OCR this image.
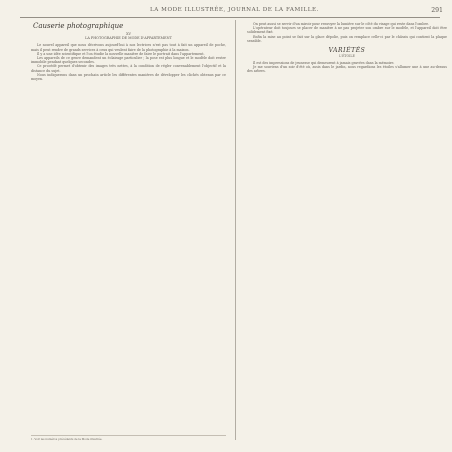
LA MODE ILLUSTRÉE, JOURNAL DE LA FAMILLE.	291
Causerie photographique
XV
LA PHOTOGRAPHIE DE MODE D'APPARTEMENT

Le nouvel appareil que nous décrivons aujourd'hui à nos lectrices n'est pas tout à fait un appareil de poche, mais il peut rendre de grands services à ceux qui veulent faire de la photographie à la maison.

Il y a une idée scientifique et l'on étudie la nouvelle manière de faire le portrait dans l'appartement.

Les appareils de ce genre demandent un éclairage particulier ; la pose est plus longue et le modèle doit rester immobile pendant quelques secondes.

Ce procédé permet d'obtenir des images très nettes, à la condition de régler convenablement l'objectif et la distance du sujet.

Nous indiquerons dans un prochain article les différentes manières de développer les clichés obtenus par ce moyen.

1. Voir les numéros précédents de la Mode illustrée.

On peut aussi se servir d'un miroir pour renvoyer la lumière sur le côté du visage qui reste dans l'ombre.

L'opérateur doit toujours se placer de manière à ne pas projeter son ombre sur le modèle, et l'appareil doit être solidement fixé.

Enfin la mise au point se fait sur la glace dépolie, puis on remplace celle-ci par le châssis qui contient la plaque sensible.

VARIÉTÉS
L'ÉTOILE

Il est des impressions de jeunesse qui demeurent à jamais gravées dans la mémoire.

Je me souviens d'un soir d'été où, assis dans le jardin, nous regardions les étoiles s'allumer une à une au-dessus des arbres.
